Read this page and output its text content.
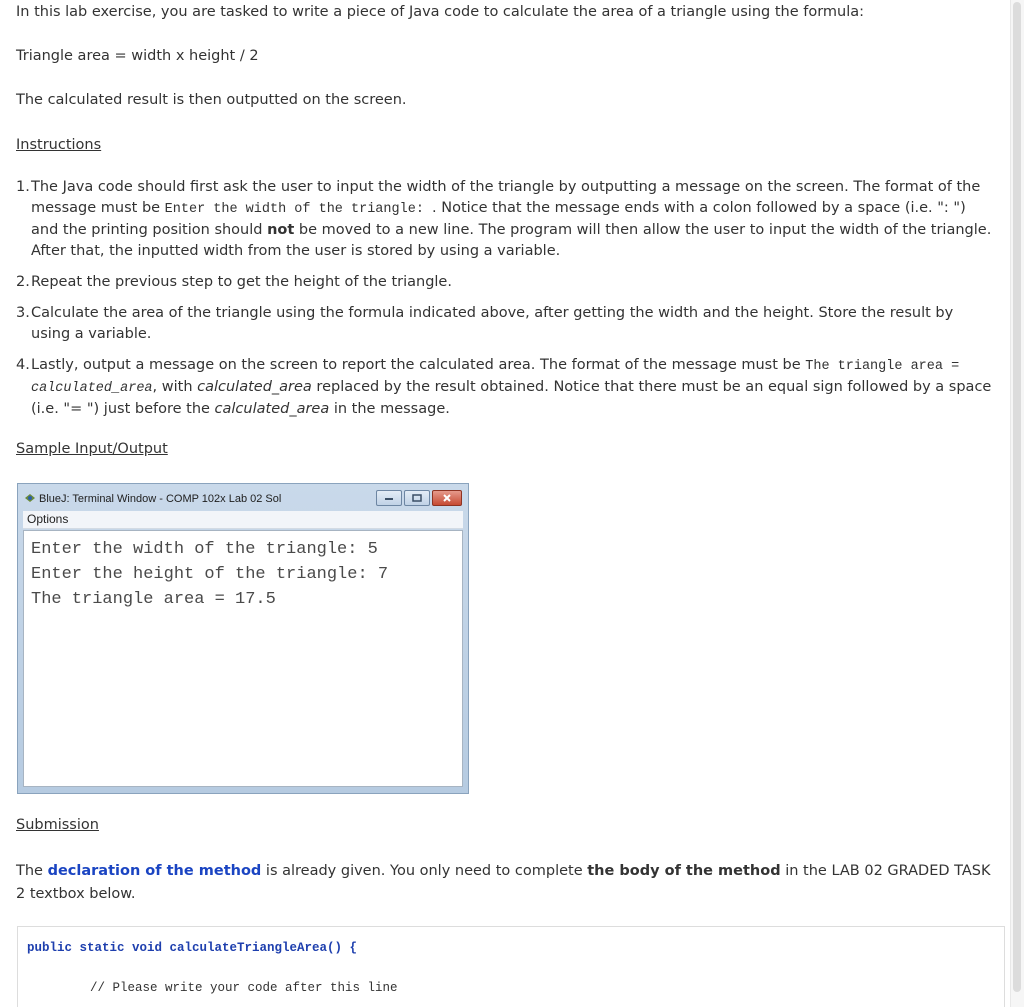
In this lab exercise, you are tasked to write a piece of Java code to calculate the area of a triangle using the formula:
Triangle area = width x height / 2
The calculated result is then outputted on the screen.
Instructions
1. The Java code should first ask the user to input the width of the triangle by outputting a message on the screen. The format of the message must be Enter the width of the triangle: . Notice that the message ends with a colon followed by a space (i.e. ": ") and the printing position should not be moved to a new line. The program will then allow the user to input the width of the triangle. After that, the inputted width from the user is stored by using a variable.
2. Repeat the previous step to get the height of the triangle.
3. Calculate the area of the triangle using the formula indicated above, after getting the width and the height. Store the result by using a variable.
4. Lastly, output a message on the screen to report the calculated area. The format of the message must be The triangle area = calculated_area, with calculated_area replaced by the result obtained. Notice that there must be an equal sign followed by a space (i.e. "= ") just before the calculated_area in the message.
Sample Input/Output
BlueJ: Terminal Window - COMP 102x Lab 02 Sol
Options
Enter the width of the triangle: 5
Enter the height of the triangle: 7
The triangle area = 17.5
Submission
The declaration of the method is already given. You only need to complete the body of the method in the LAB 02 GRADED TASK 2 textbox below.
public static void calculateTriangleArea() {
// Please write your code after this line
